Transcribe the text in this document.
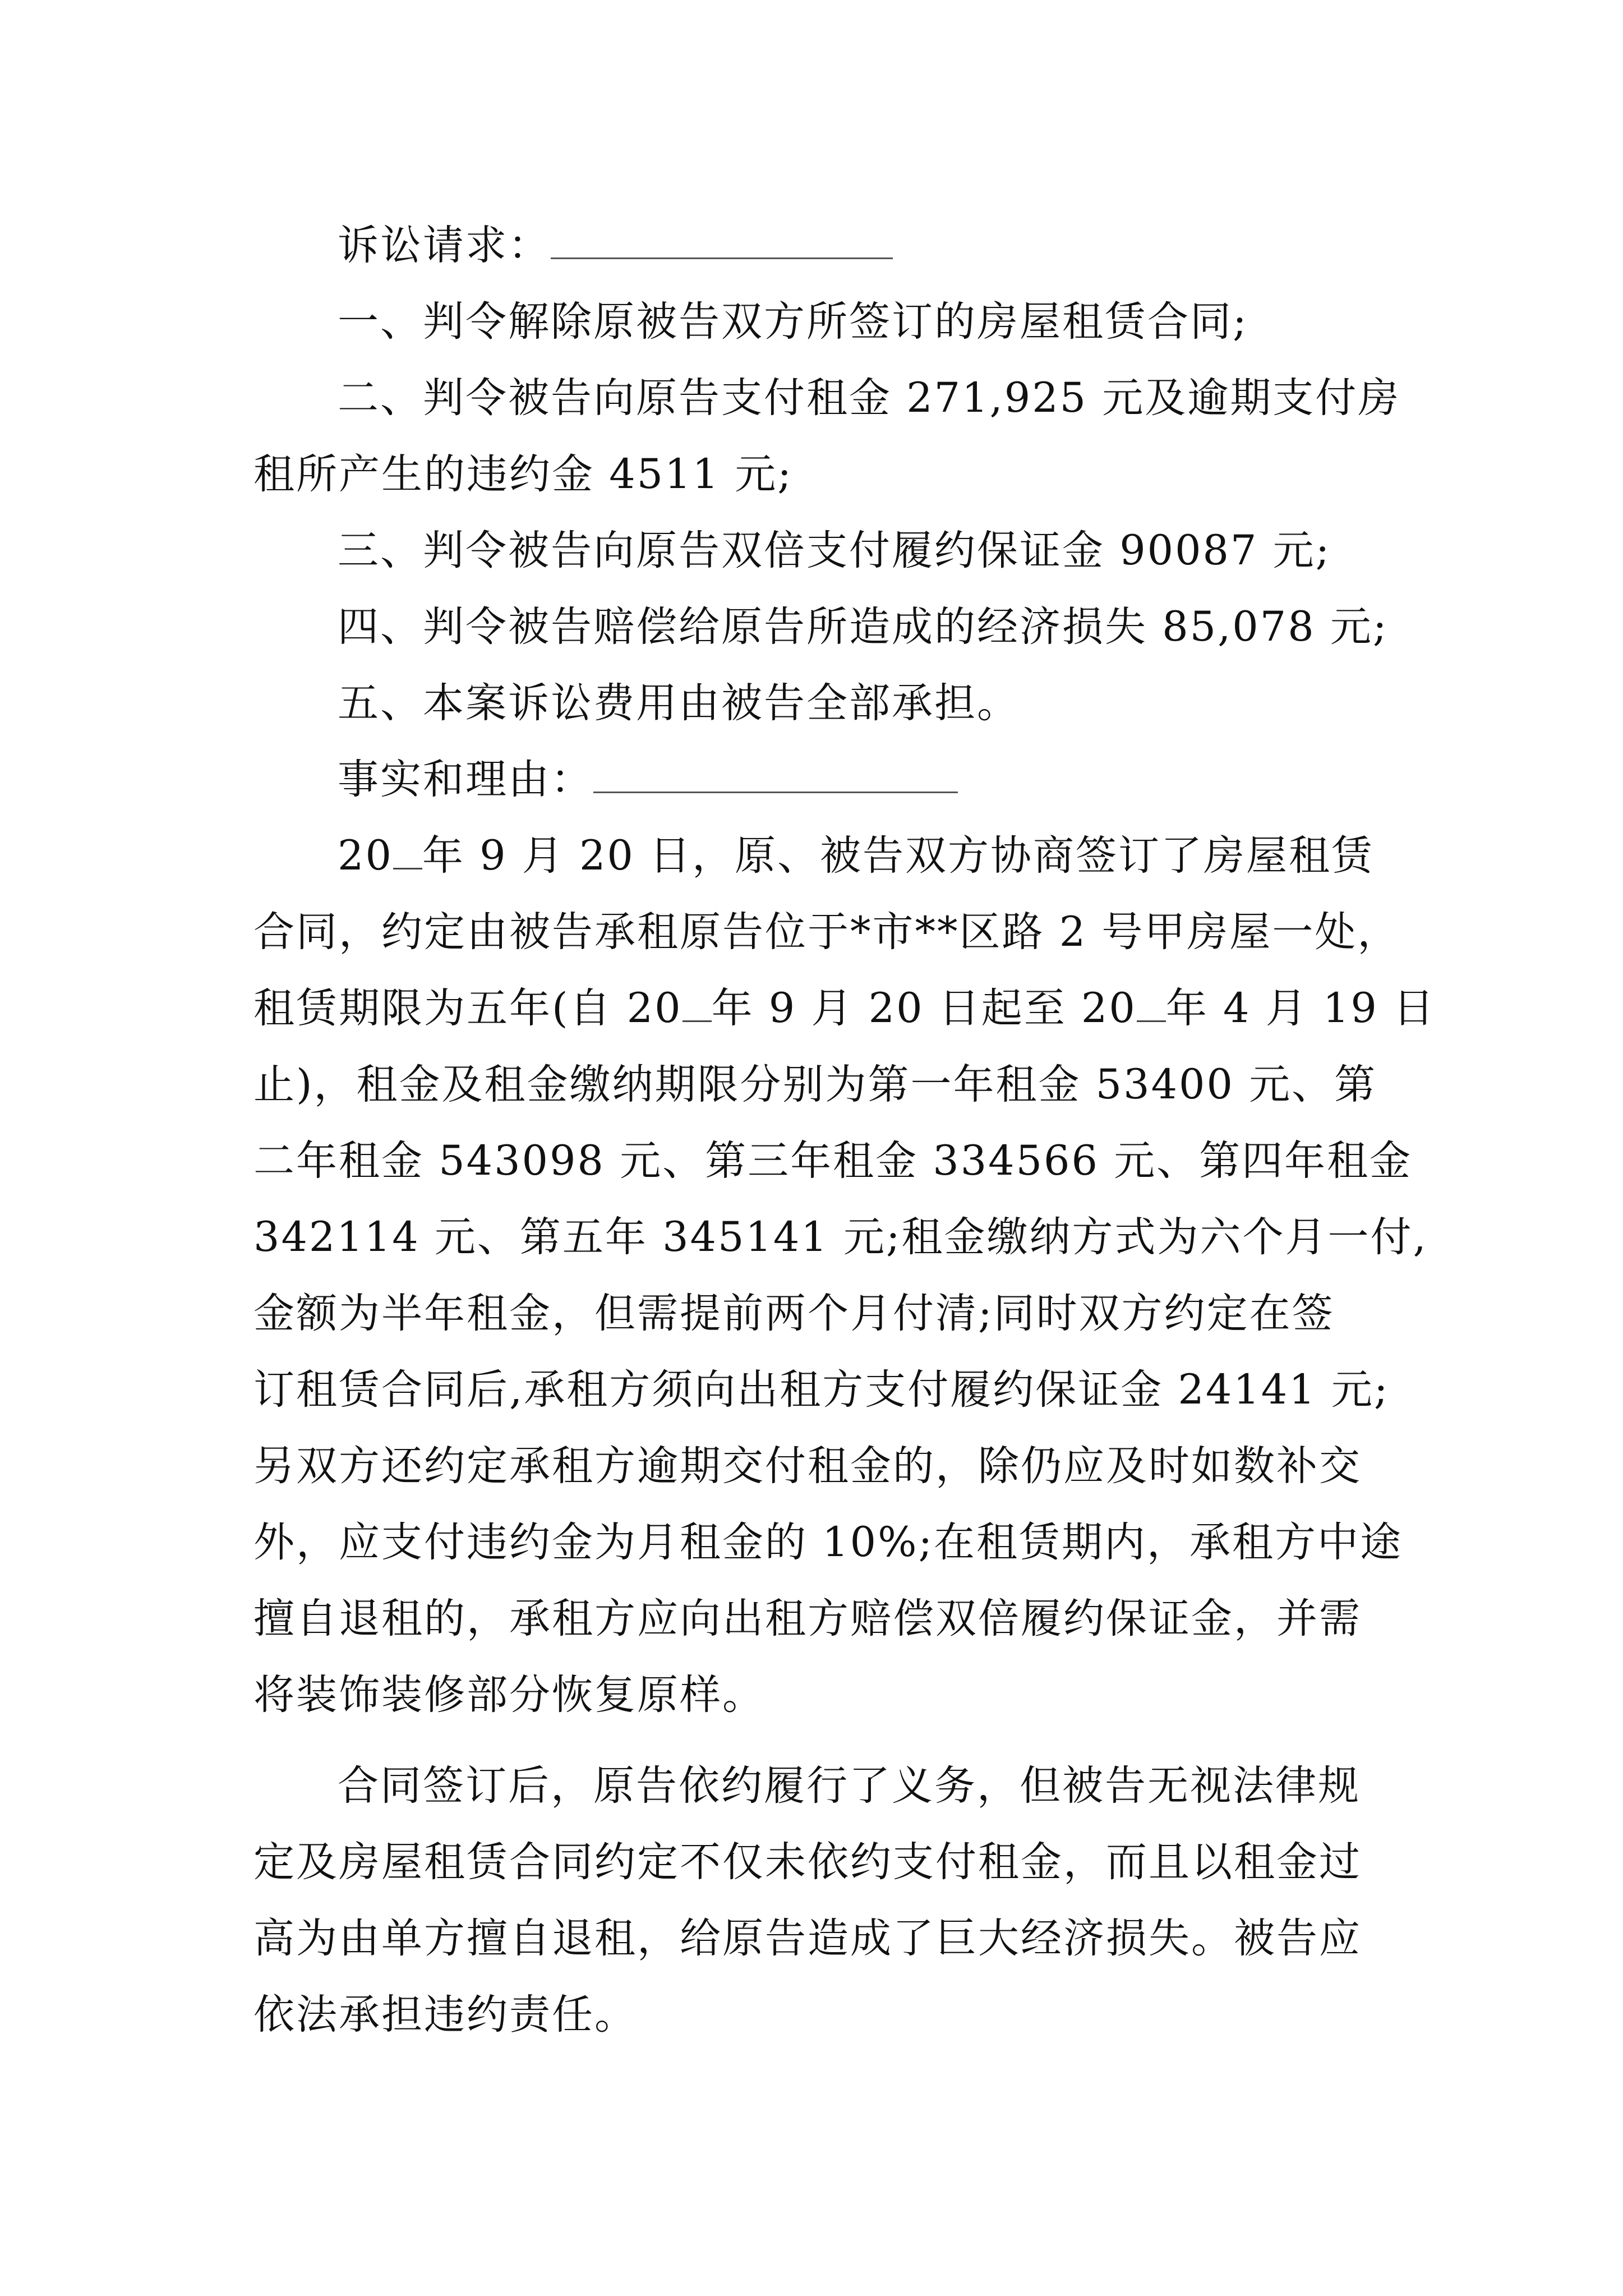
诉讼请求：
一、判令解除原被告双方所签订的房屋租赁合同;
二、判令被告向原告支付租金 271,925 元及逾期支付房
租所产生的违约金 4511 元;
三、判令被告向原告双倍支付履约保证金 90087 元;
四、判令被告赔偿给原告所造成的经济损失 85,078 元;
五、本案诉讼费用由被告全部承担。
事实和理由：
20 年 9 月 20 日，原、被告双方协商签订了房屋租赁
合同，约定由被告承租原告位于*市**区路 2 号甲房屋一处，
租赁期限为五年(自 20 年 9 月 20 日起至 20 年 4 月 19 日
止)，租金及租金缴纳期限分别为第一年租金 53400 元、第
二年租金 543098 元、第三年租金 334566 元、第四年租金
342114 元、第五年 345141 元;租金缴纳方式为六个月一付,
金额为半年租金，但需提前两个月付清;同时双方约定在签
订租赁合同后,承租方须向出租方支付履约保证金 24141 元;
另双方还约定承租方逾期交付租金的，除仍应及时如数补交
外，应支付违约金为月租金的 10%;在租赁期内，承租方中途
擅自退租的，承租方应向出租方赔偿双倍履约保证金，并需
将装饰装修部分恢复原样。
合同签订后，原告依约履行了义务，但被告无视法律规
定及房屋租赁合同约定不仅未依约支付租金，而且以租金过
高为由单方擅自退租，给原告造成了巨大经济损失。被告应
依法承担违约责任。
